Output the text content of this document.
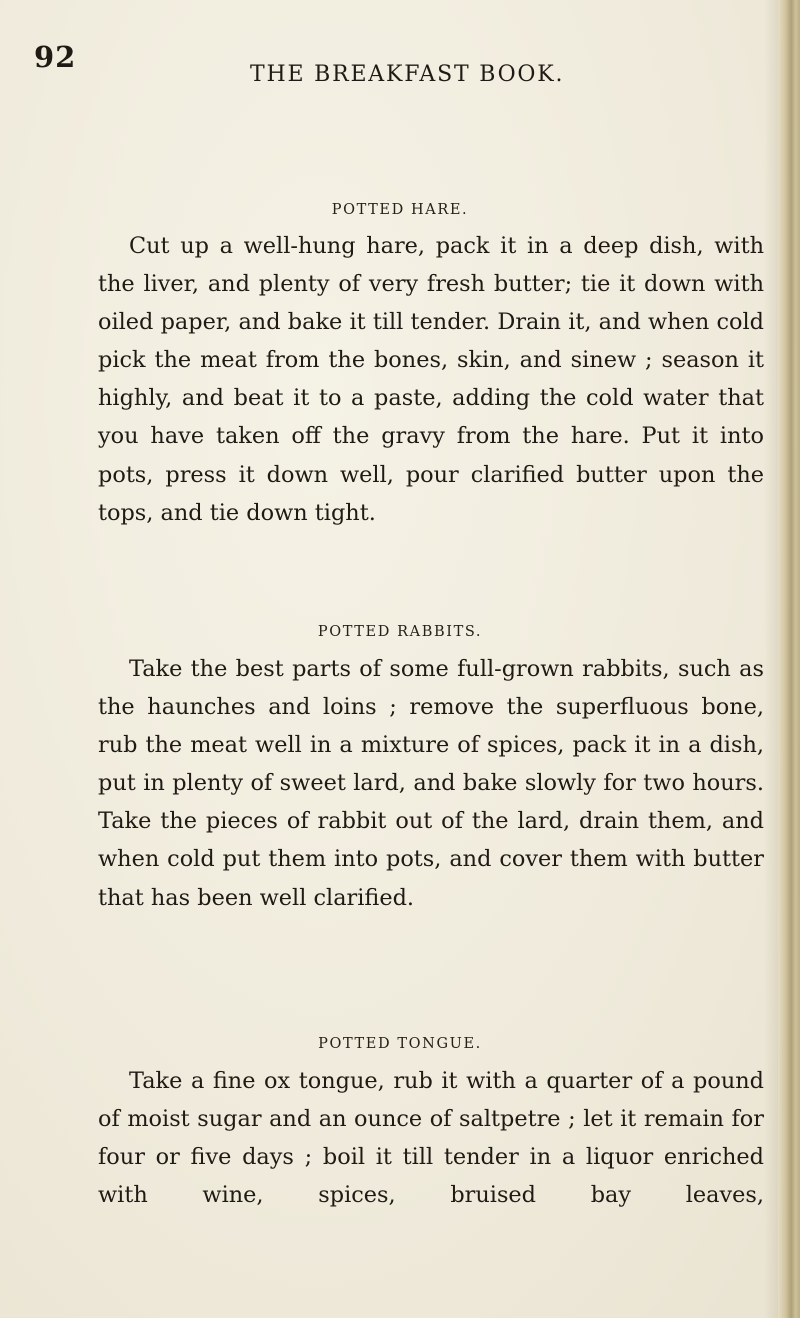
92
THE BREAKFAST BOOK.
POTTED HARE.

Cut up a well-hung hare, pack it in a deep dish, with the liver, and plenty of very fresh butter; tie it down with oiled paper, and bake it till tender. Drain it, and when cold pick the meat from the bones, skin, and sinew ; season it highly, and beat it to a paste, adding the cold water that you have taken off the gravy from the hare. Put it into pots, press it down well, pour clarified butter upon the tops, and tie down tight.

POTTED RABBITS.

Take the best parts of some full-grown rabbits, such as the haunches and loins ; remove the superfluous bone, rub the meat well in a mixture of spices, pack it in a dish, put in plenty of sweet lard, and bake slowly for two hours. Take the pieces of rabbit out of the lard, drain them, and when cold put them into pots, and cover them with butter that has been well clarified.

POTTED TONGUE.

Take a fine ox tongue, rub it with a quarter of a pound of moist sugar and an ounce of saltpetre ; let it remain for four or five days ; boil it till tender in a liquor enriched with wine, spices, bruised bay leaves,
